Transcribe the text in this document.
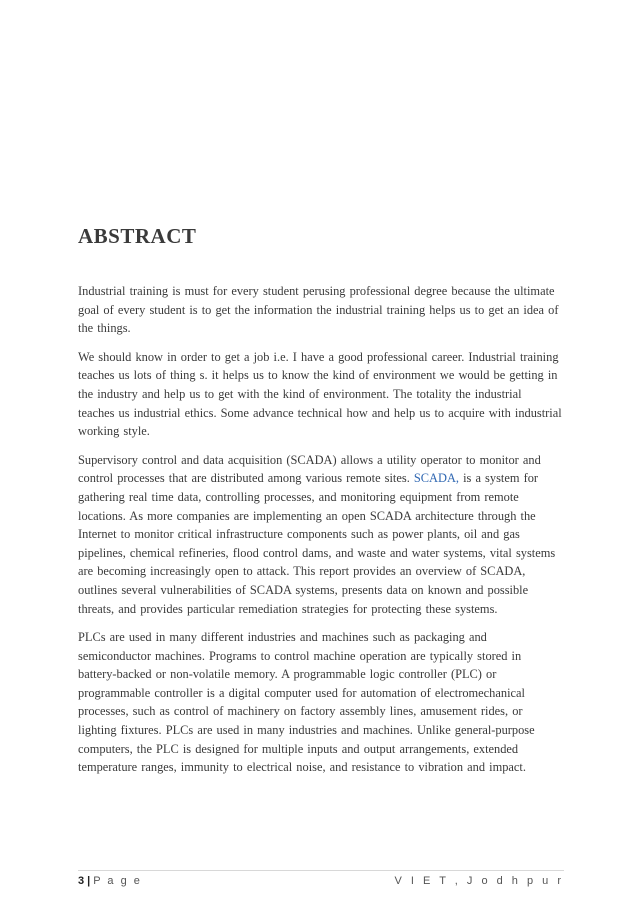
ABSTRACT

Industrial training is must for every student perusing professional degree because the ultimate goal of every student is to get the information the industrial training helps us to get an idea of the things.

We should know in order to get a job i.e. I have a good professional career. Industrial training teaches us lots of thing s. it helps us to know the kind of environment we would be getting in the industry and help us to get with the kind of environment. The totality the industrial teaches us industrial ethics. Some advance technical how and help us to acquire with industrial working style.

Supervisory control and data acquisition (SCADA) allows a utility operator to monitor and control processes that are distributed among various remote sites. SCADA, is a system for gathering real time data, controlling processes, and monitoring equipment from remote locations. As more companies are implementing an open SCADA architecture through the Internet to monitor critical infrastructure components such as power plants, oil and gas pipelines, chemical refineries, flood control dams, and waste and water systems, vital systems are becoming increasingly open to attack. This report provides an overview of SCADA, outlines several vulnerabilities of SCADA systems, presents data on known and possible threats, and provides particular remediation strategies for protecting these systems.

PLCs are used in many different industries and machines such as packaging and semiconductor machines. Programs to control machine operation are typically stored in battery-backed or non-volatile memory. A programmable logic controller (PLC) or programmable controller is a digital computer used for automation of electromechanical processes, such as control of machinery on factory assembly lines, amusement rides, or lighting fixtures. PLCs are used in many industries and machines. Unlike general-purpose computers, the PLC is designed for multiple inputs and output arrangements, extended temperature ranges, immunity to electrical noise, and resistance to vibration and impact.

3 | P a g e	V I E T , J o d h p u r
